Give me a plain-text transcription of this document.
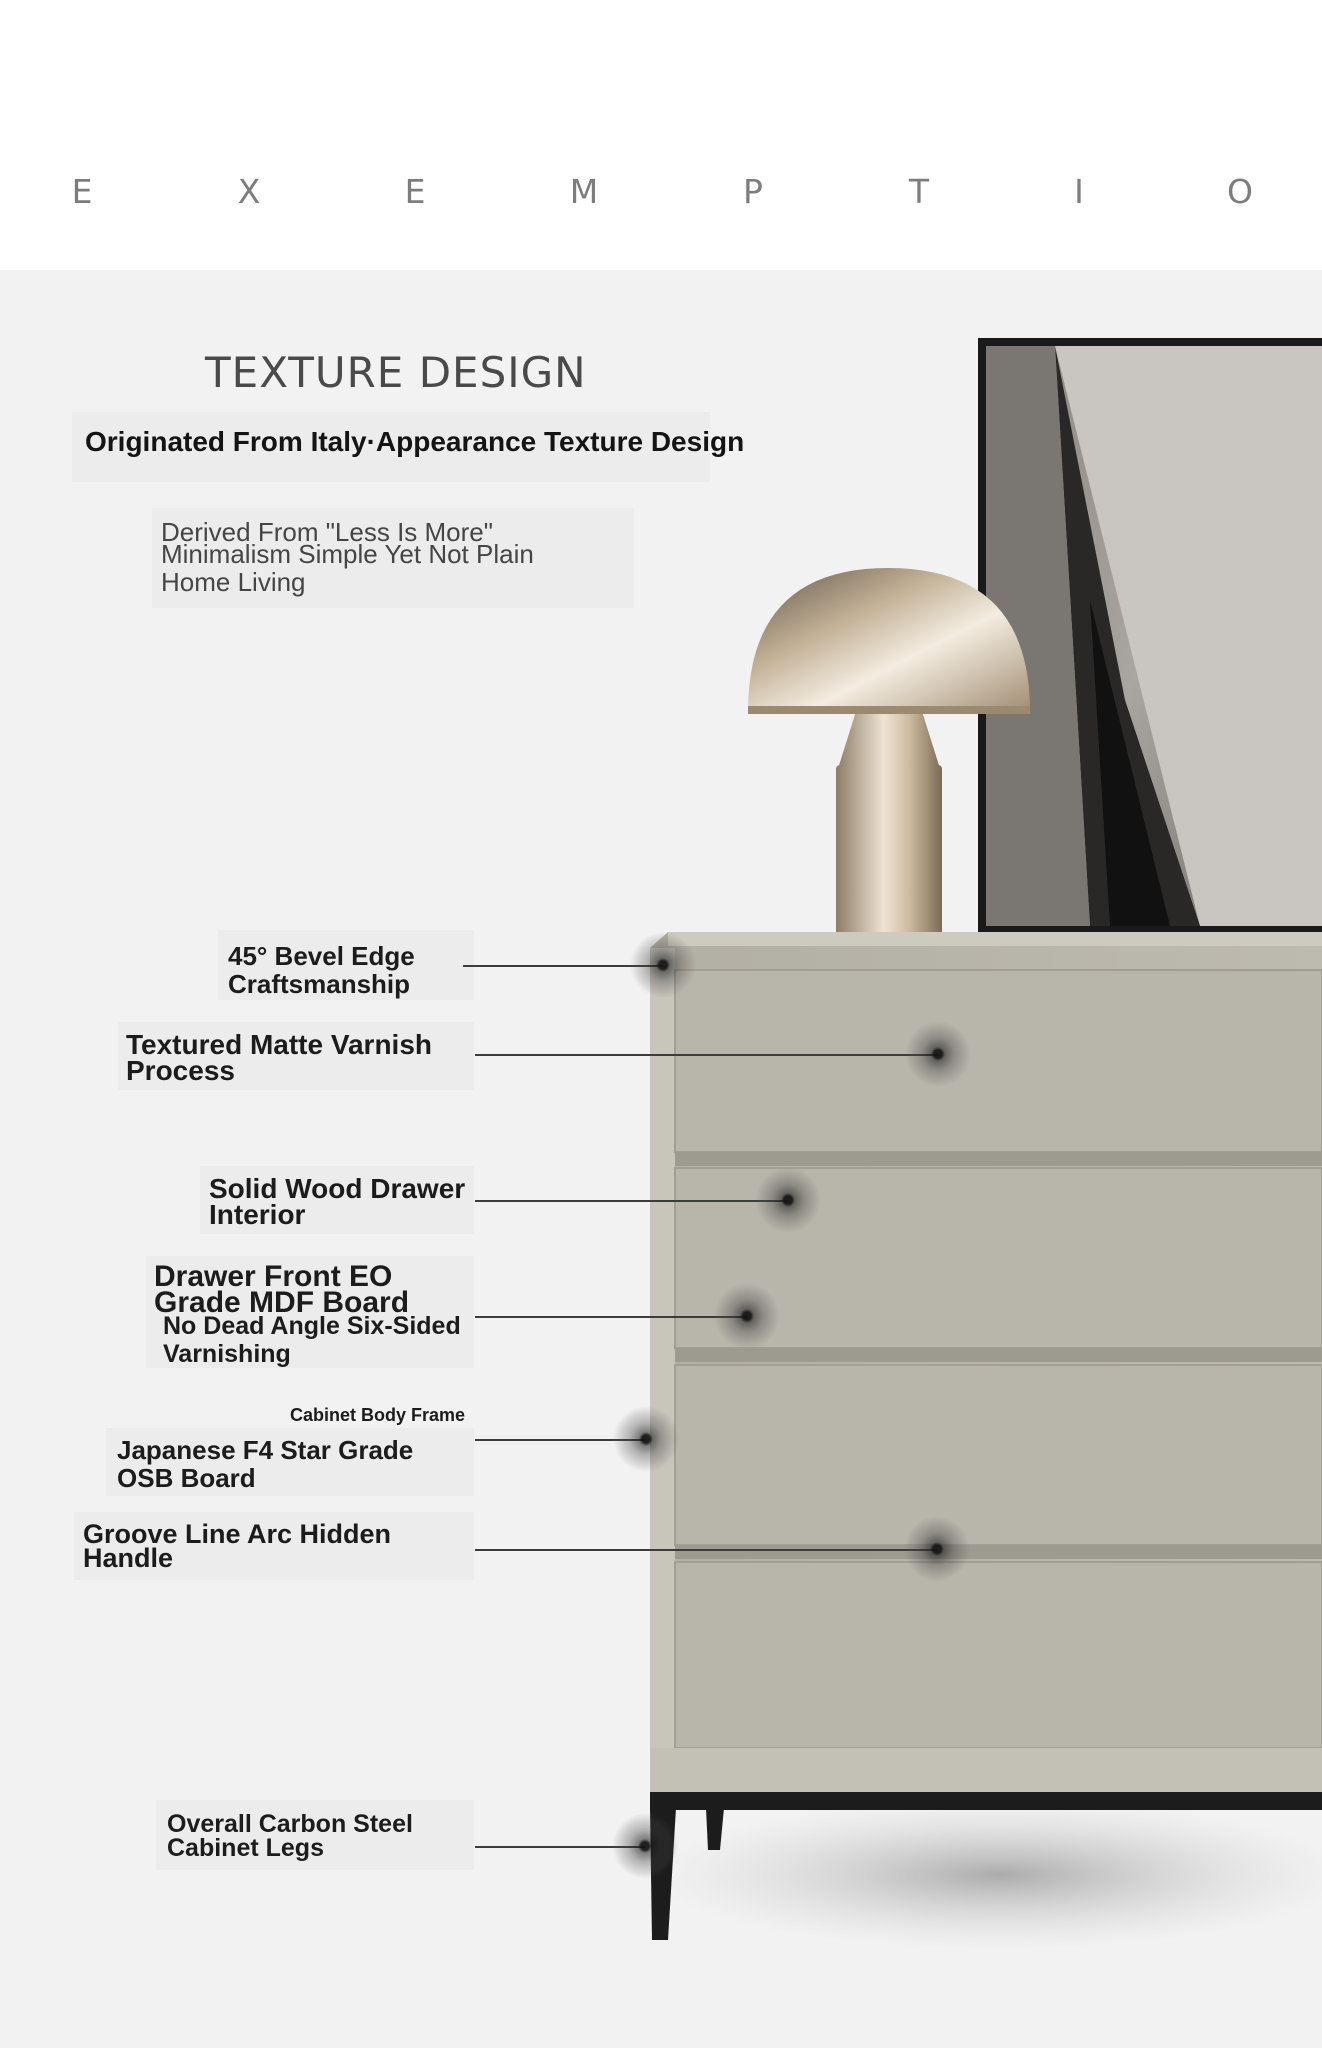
E	X	E	M	P	T	I	O
TEXTURE DESIGN

Originated From Italy·Appearance Texture Design

Derived From "Less Is More"
Minimalism Simple Yet Not Plain
Home Living

45° Bevel Edge
Craftsmanship

Textured Matte Varnish
Process

Solid Wood Drawer
Interior

Drawer Front EO
Grade MDF Board

No Dead Angle Six-Sided
Varnishing

Cabinet Body Frame

Japanese F4 Star Grade
OSB Board

Groove Line Arc Hidden
Handle

Overall Carbon Steel
Cabinet Legs
